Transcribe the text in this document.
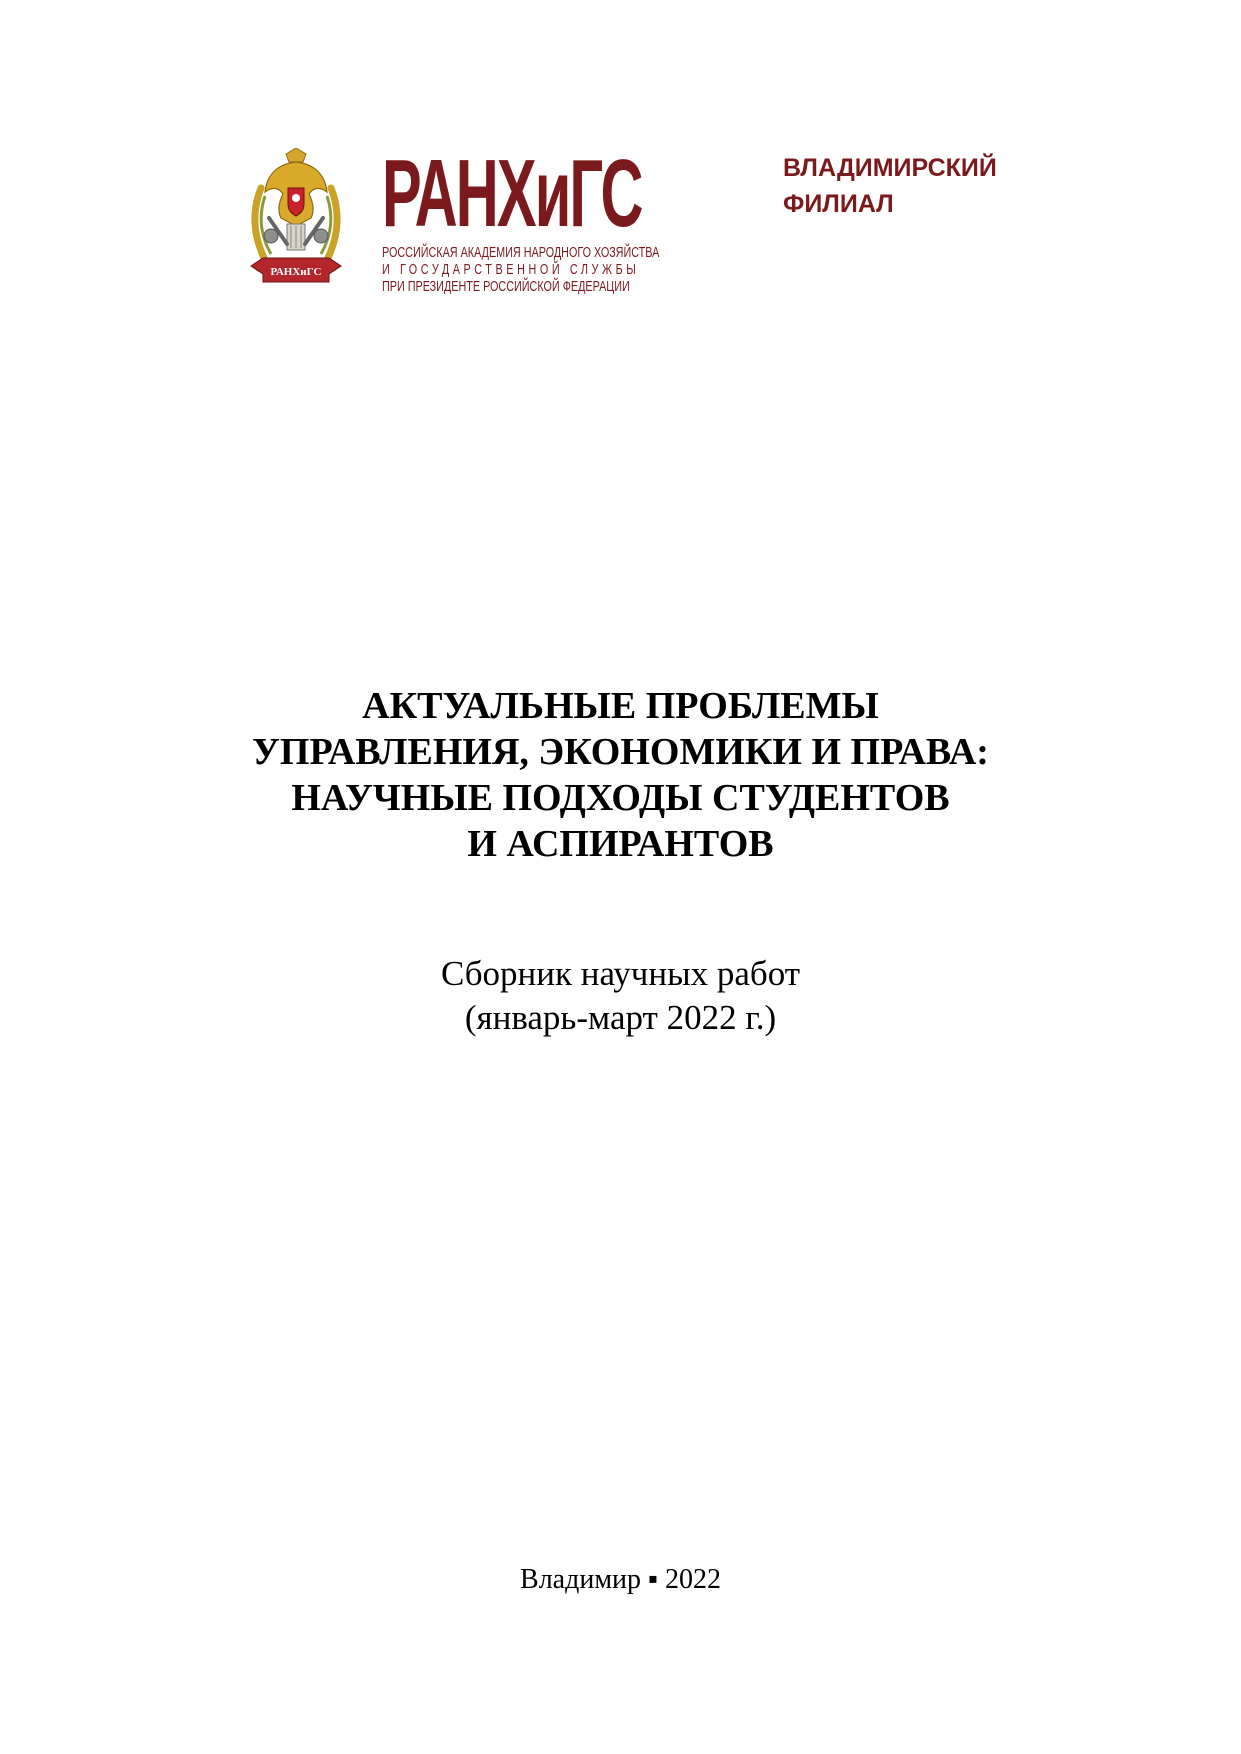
РАНХиГС
РАНХиГС
РОССИЙСКАЯ АКАДЕМИЯ НАРОДНОГО ХОЗЯЙСТВА
И ГОСУДАРСТВЕННОЙ СЛУЖБЫ
ПРИ ПРЕЗИДЕНТЕ РОССИЙСКОЙ ФЕДЕРАЦИИ
ВЛАДИМИРСКИЙ
ФИЛИАЛ
АКТУАЛЬНЫЕ ПРОБЛЕМЫ
УПРАВЛЕНИЯ, ЭКОНОМИКИ И ПРАВА:
НАУЧНЫЕ ПОДХОДЫ СТУДЕНТОВ
И АСПИРАНТОВ
Сборник научных работ
(январь-март 2022 г.)
Владимир ▪ 2022
